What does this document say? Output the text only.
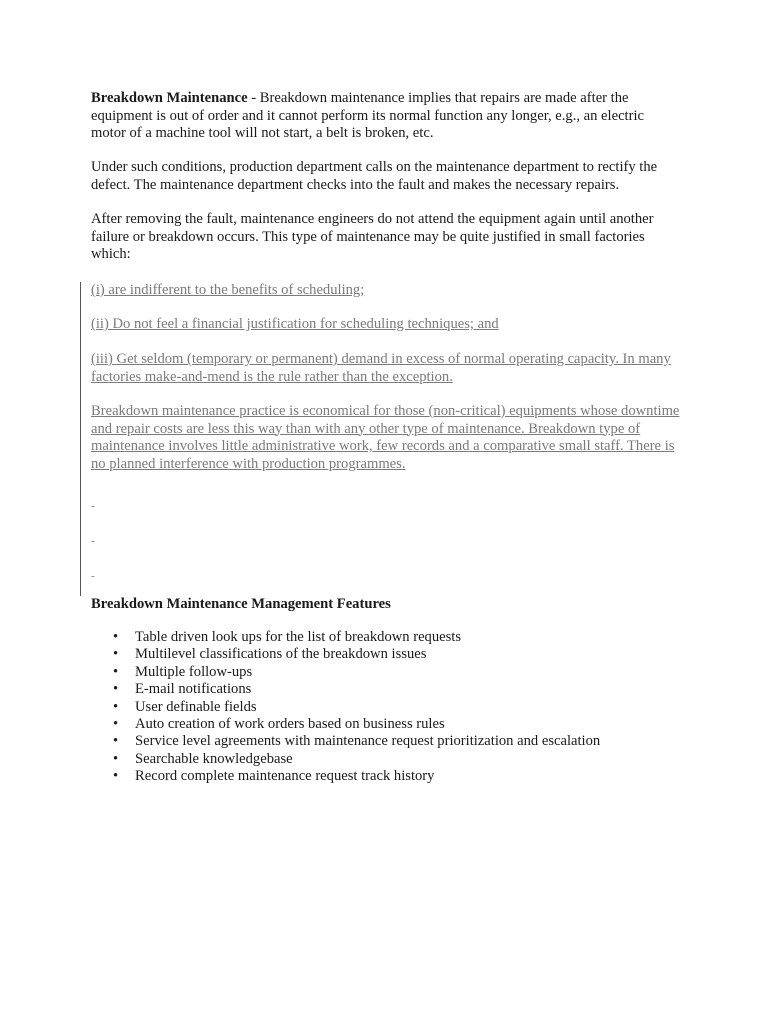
Breakdown Maintenance - Breakdown maintenance implies that repairs are made after the equipment is out of order and it cannot perform its normal function any longer, e.g., an electric motor of a machine tool will not start, a belt is broken, etc.

Under such conditions, production department calls on the maintenance department to rectify the defect. The maintenance department checks into the fault and makes the necessary repairs.

After removing the fault, maintenance engineers do not attend the equipment again until another failure or breakdown occurs. This type of maintenance may be quite justified in small factories which:

(i) are indifferent to the benefits of scheduling;

(ii) Do not feel a financial justification for scheduling techniques; and

(iii) Get seldom (temporary or permanent) demand in excess of normal operating capacity. In many factories make-and-mend is the rule rather than the exception.

Breakdown maintenance practice is economical for those (non-critical) equipments whose downtime and repair costs are less this way than with any other type of maintenance. Breakdown type of maintenance involves little administrative work, few records and a comparative small staff. There is no planned interference with production programmes.

-
-
-

Breakdown Maintenance Management Features

• Table driven look ups for the list of breakdown requests
• Multilevel classifications of the breakdown issues
• Multiple follow-ups
• E-mail notifications
• User definable fields
• Auto creation of work orders based on business rules
• Service level agreements with maintenance request prioritization and escalation
• Searchable knowledgebase
• Record complete maintenance request track history
